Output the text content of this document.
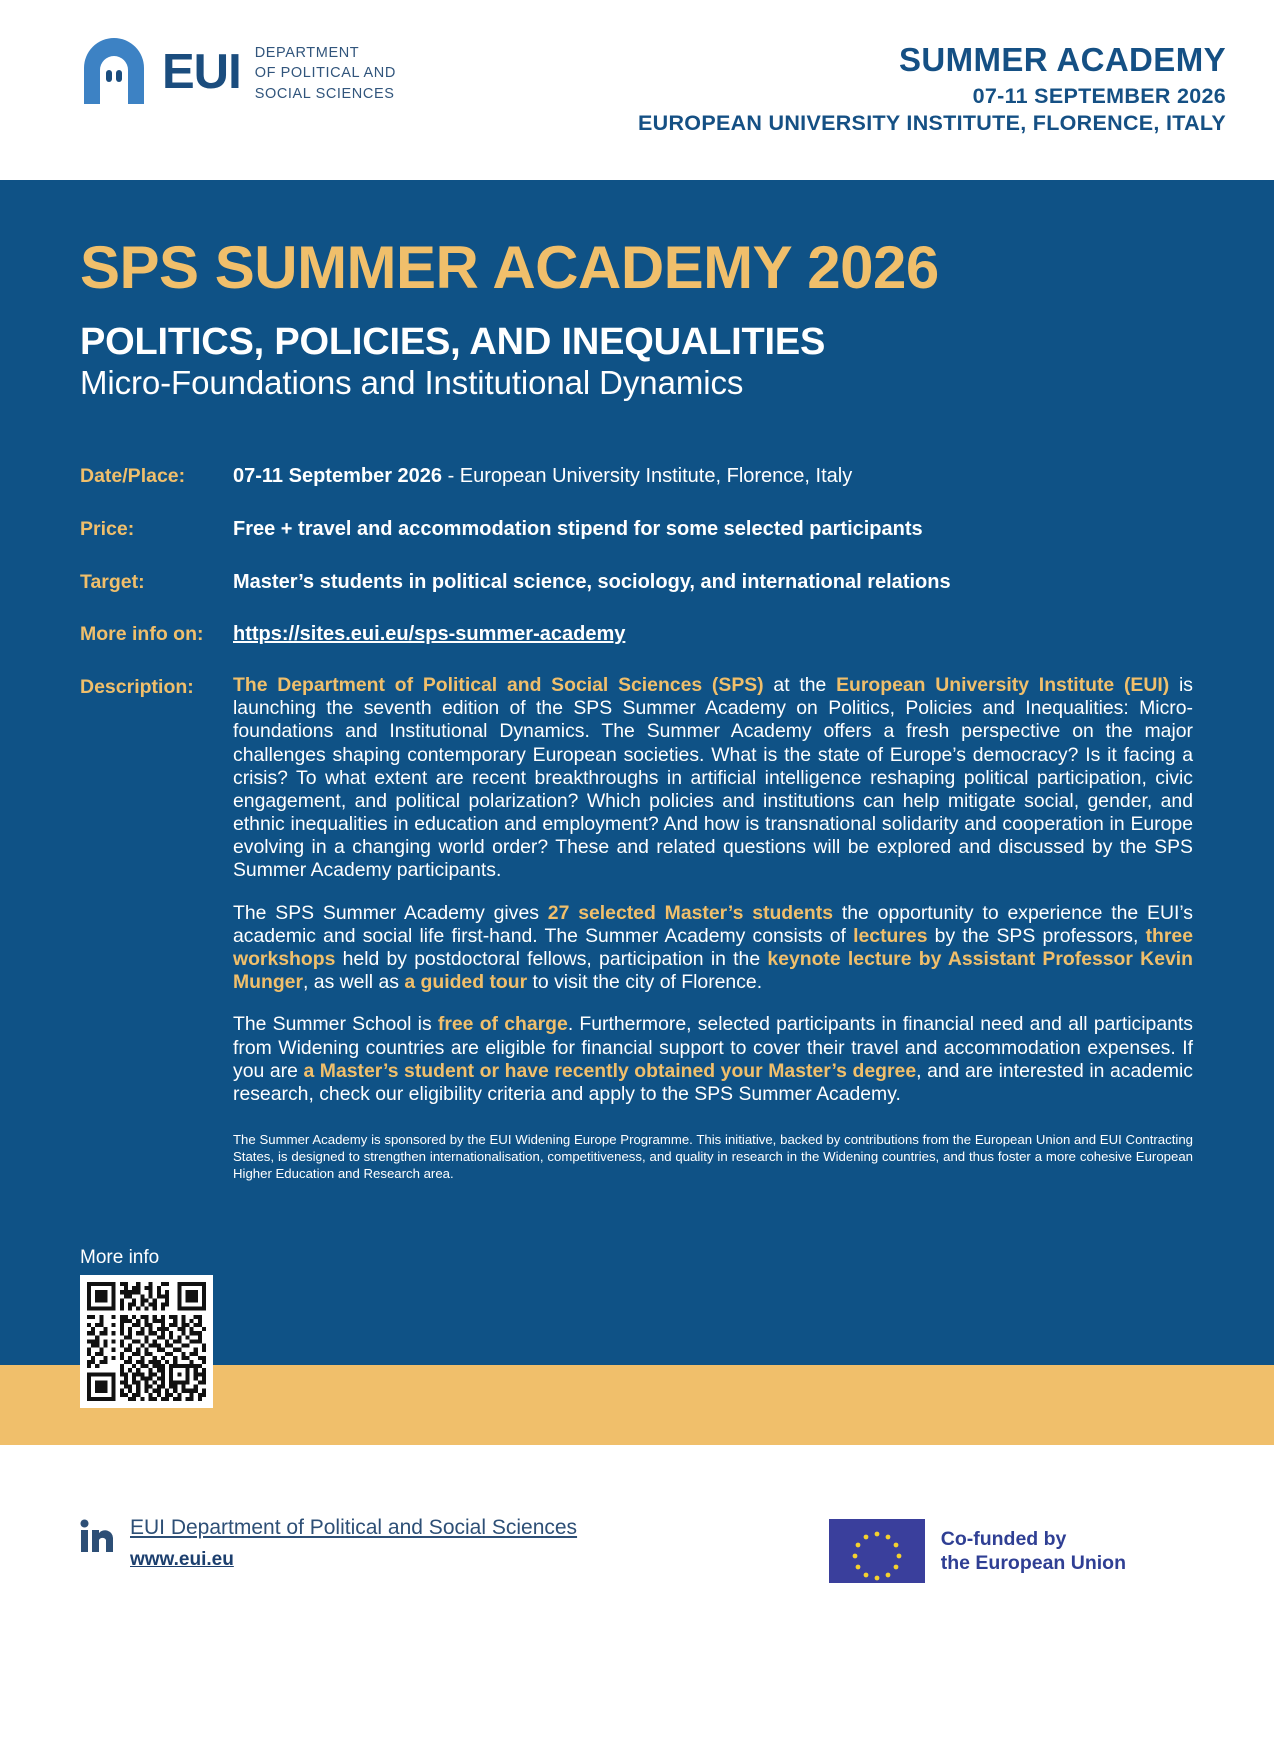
EUI DEPARTMENT
OF POLITICAL AND
SOCIAL SCIENCES
SUMMER ACADEMY
07-11 SEPTEMBER 2026
EUROPEAN UNIVERSITY INSTITUTE, FLORENCE, ITALY
SPS SUMMER ACADEMY 2026
POLITICS, POLICIES, AND INEQUALITIES
Micro-Foundations and Institutional Dynamics
Date/Place:	07-11 September 2026 - European University Institute, Florence, Italy
Price:	Free + travel and accommodation stipend for some selected participants
Target:	Master’s students in political science, sociology, and international relations
More info on:	https://sites.eui.eu/sps-summer-academy
Description:	The Department of Political and Social Sciences (SPS) at the European University Institute (EUI) is launching the seventh edition of the SPS Summer Academy on Politics, Policies and Inequalities: Micro-foundations and Institutional Dynamics. The Summer Academy offers a fresh perspective on the major challenges shaping contemporary European societies. What is the state of Europe’s democracy? Is it facing a crisis? To what extent are recent breakthroughs in artificial intelligence reshaping political participation, civic engagement, and political polarization? Which policies and institutions can help mitigate social, gender, and ethnic inequalities in education and employment? And how is transnational solidarity and cooperation in Europe evolving in a changing world order? These and related questions will be explored and discussed by the SPS Summer Academy participants.

The SPS Summer Academy gives 27 selected Master’s students the opportunity to experience the EUI’s academic and social life first-hand. The Summer Academy consists of lectures by the SPS professors, three workshops held by postdoctoral fellows, participation in the keynote lecture by Assistant Professor Kevin Munger, as well as a guided tour to visit the city of Florence.

The Summer School is free of charge. Furthermore, selected participants in financial need and all participants from Widening countries are eligible for financial support to cover their travel and accommodation expenses. If you are a Master’s student or have recently obtained your Master’s degree, and are interested in academic research, check our eligibility criteria and apply to the SPS Summer Academy.

The Summer Academy is sponsored by the EUI Widening Europe Programme. This initiative, backed by contributions from the European Union and EUI Contracting States, is designed to strengthen internationalisation, competitiveness, and quality in research in the Widening countries, and thus foster a more cohesive European Higher Education and Research area.

More info
EUI Department of Political and Social Sciences
www.eui.eu
Co-funded by
the European Union
